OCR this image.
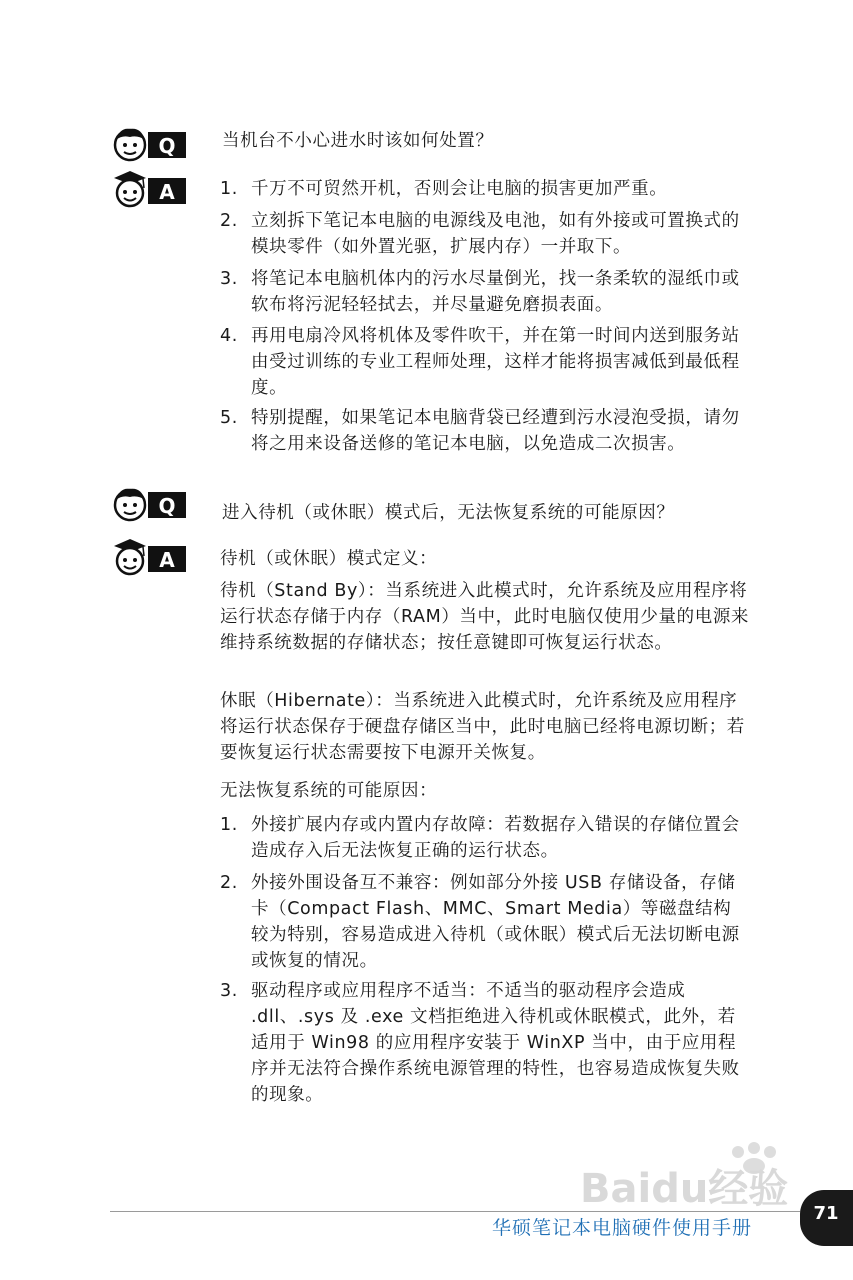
Q	当机台不小心进水时该如何处置？

A	1. 千万不可贸然开机，否则会让电脑的损害更加严重。
2. 立刻拆下笔记本电脑的电源线及电池，如有外接或可置换式的模块零件（如外置光驱，扩展内存）一并取下。
3. 将笔记本电脑机体内的污水尽量倒光，找一条柔软的湿纸巾或软布将污泥轻轻拭去，并尽量避免磨损表面。
4. 再用电扇冷风将机体及零件吹干，并在第一时间内送到服务站由受过训练的专业工程师处理，这样才能将损害减低到最低程度。
5. 特别提醒，如果笔记本电脑背袋已经遭到污水浸泡受损，请勿将之用来设备送修的笔记本电脑，以免造成二次损害。
Q	进入待机（或休眠）模式后，无法恢复系统的可能原因？

A	待机（或休眠）模式定义：

待机（Stand By）：当系统进入此模式时，允许系统及应用程序将运行状态存储于内存（RAM）当中，此时电脑仅使用少量的电源来维持系统数据的存储状态；按任意键即可恢复运行状态。

休眠（Hibernate）：当系统进入此模式时，允许系统及应用程序将运行状态保存于硬盘存储区当中，此时电脑已经将电源切断；若要恢复运行状态需要按下电源开关恢复。

无法恢复系统的可能原因：

1. 外接扩展内存或内置内存故障：若数据存入错误的存储位置会造成存入后无法恢复正确的运行状态。
2. 外接外围设备互不兼容：例如部分外接 USB 存储设备，存储卡（Compact Flash、MMC、Smart Media）等磁盘结构较为特别，容易造成进入待机（或休眠）模式后无法切断电源或恢复的情况。
3. 驱动程序或应用程序不适当：不适当的驱动程序会造成 .dll、.sys 及 .exe 文档拒绝进入待机或休眠模式，此外，若适用于 Win98 的应用程序安装于 WinXP 当中，由于应用程序并无法符合操作系统电源管理的特性，也容易造成恢复失败的现象。
Baidu经验

华硕笔记本电脑硬件使用手册

71
